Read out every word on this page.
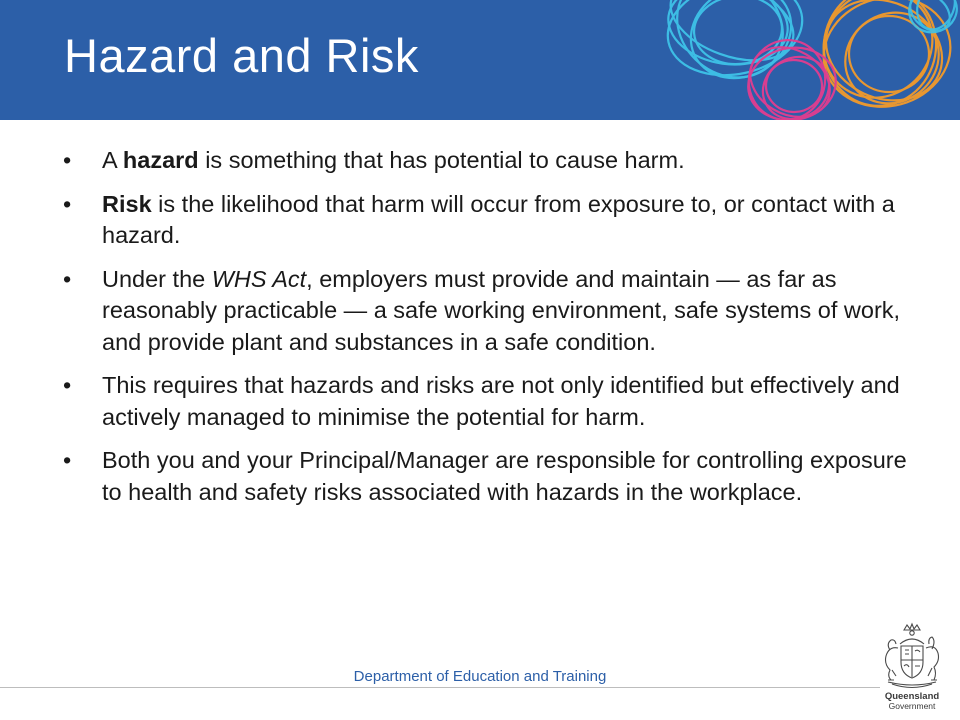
Hazard and Risk
• A hazard is something that has potential to cause harm.
• Risk is the likelihood that harm will occur from exposure to, or contact with a hazard.
• Under the WHS Act, employers must provide and maintain — as far as reasonably practicable — a safe working environment, safe systems of work, and provide plant and substances in a safe condition.
• This requires that hazards and risks are not only identified but effectively and actively managed to minimise the potential for harm.
• Both you and your Principal/Manager are responsible for controlling exposure to health and safety risks associated with hazards in the workplace.
Department of Education and Training
Queensland
Government
